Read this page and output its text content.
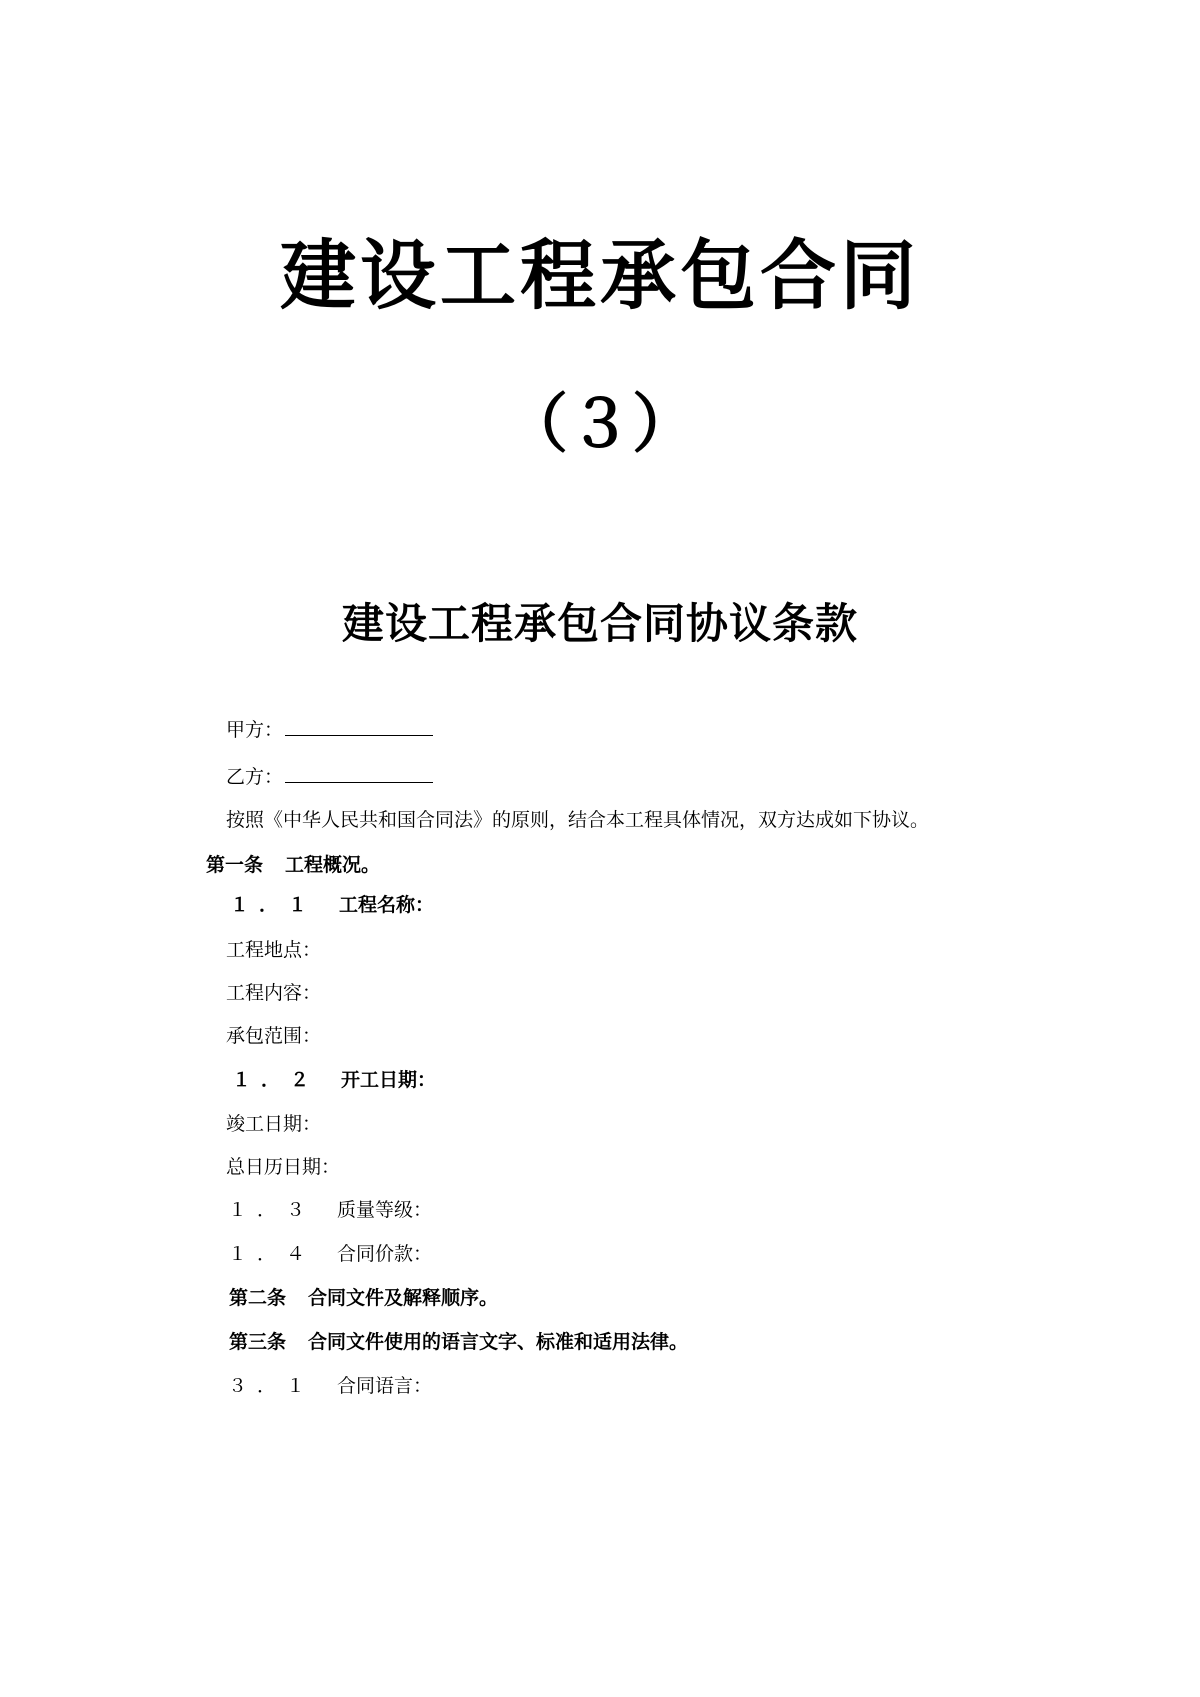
建设工程承包合同
（３）
建设工程承包合同协议条款
甲方：
乙方：
按照《中华人民共和国合同法》的原则，结合本工程具体情况，双方达成如下协议。
第一条 工程概况。
１．１ 工程名称：
工程地点：
工程内容：
承包范围：
１．２ 开工日期：
竣工日期：
总日历日期：
１．３ 质量等级：
１．４ 合同价款：
第二条 合同文件及解释顺序。
第三条 合同文件使用的语言文字、标准和适用法律。
３．１ 合同语言：
